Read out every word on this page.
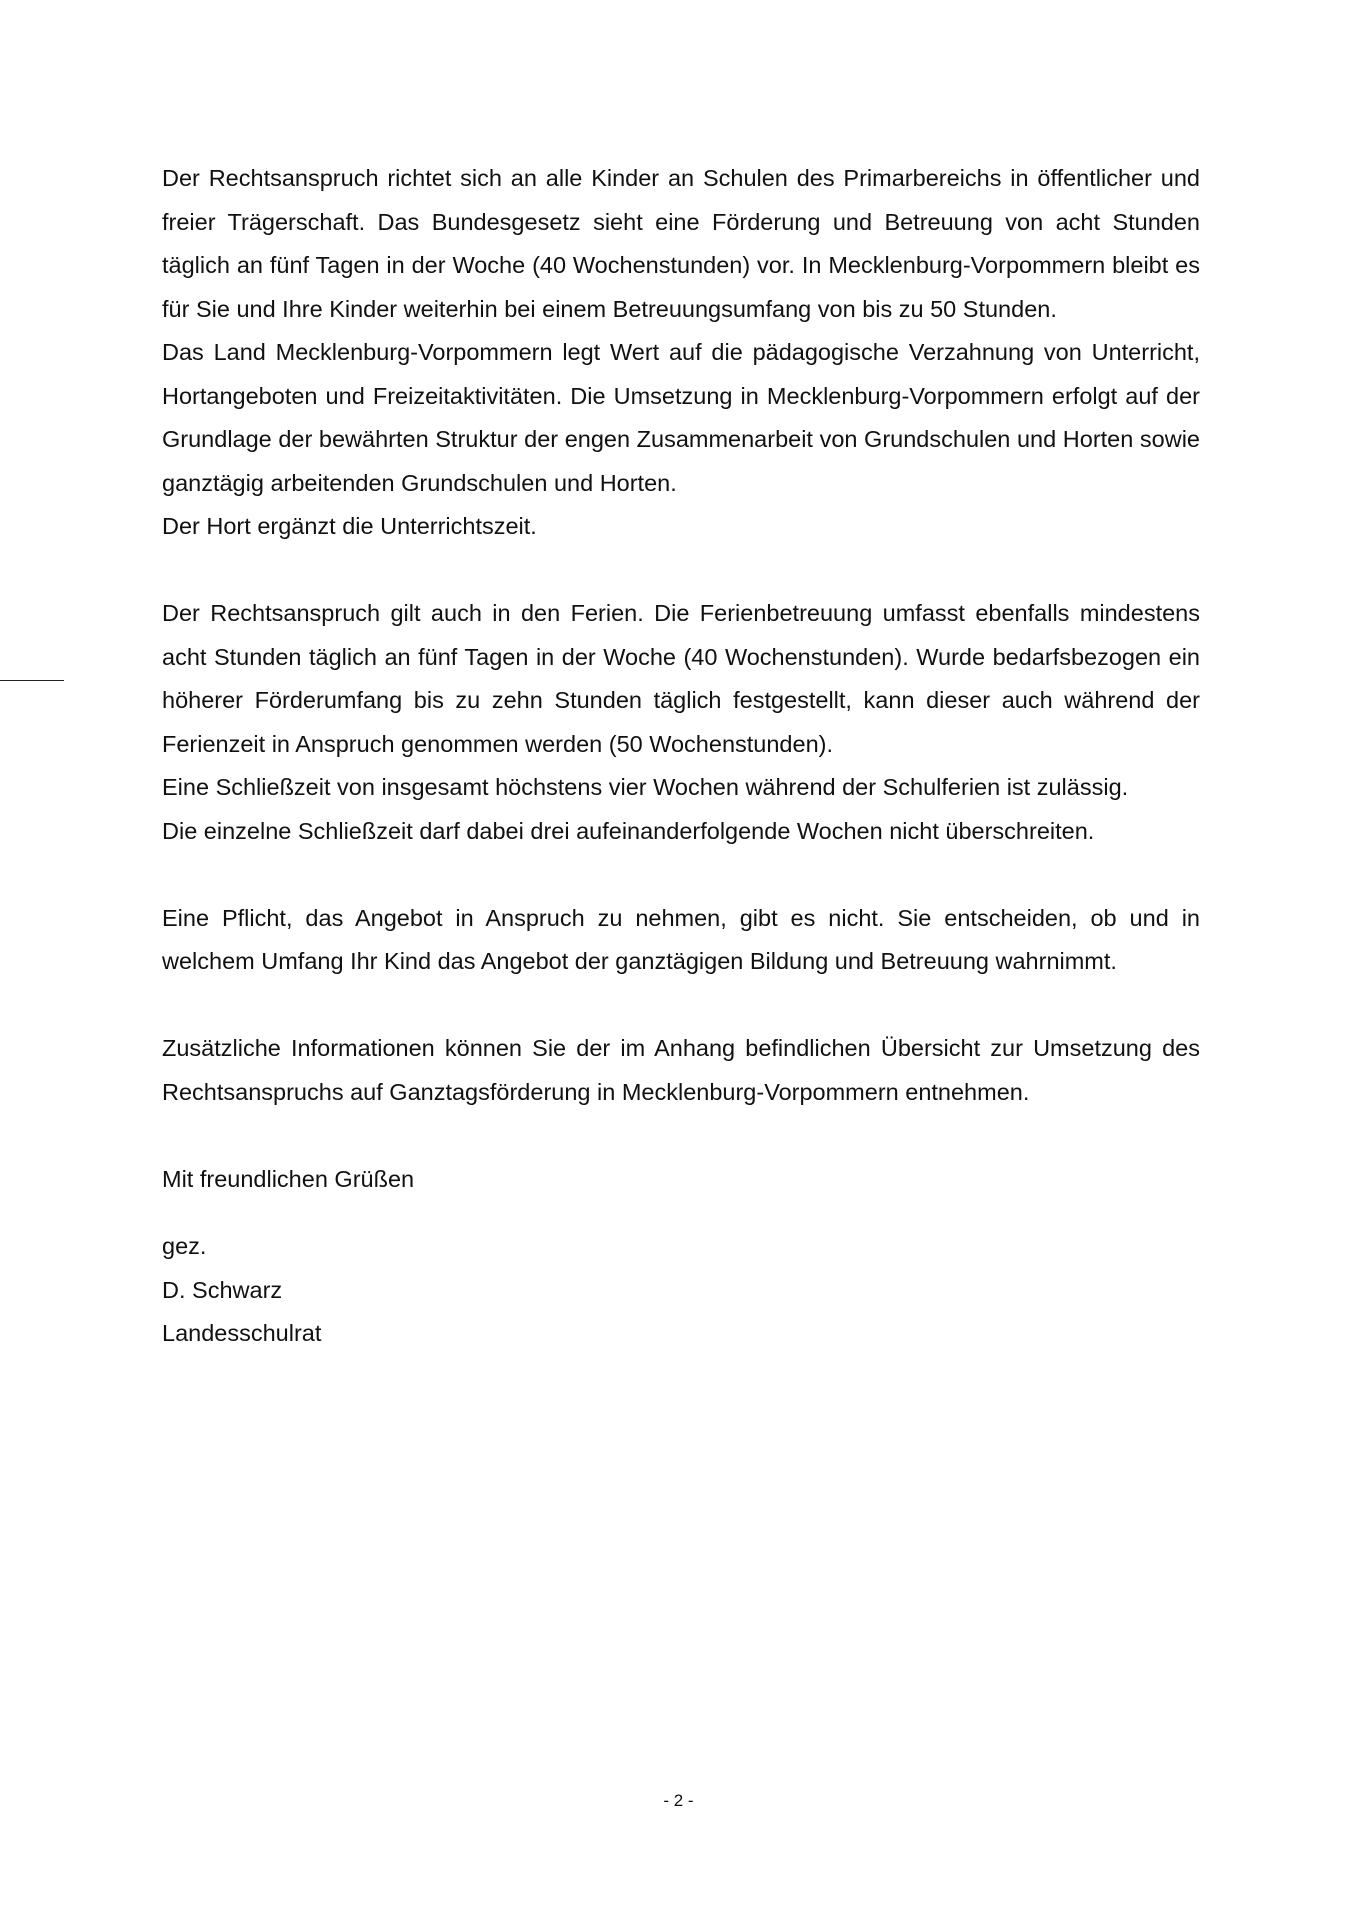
Der Rechtsanspruch richtet sich an alle Kinder an Schulen des Primarbereichs in öffentlicher und freier Trägerschaft. Das Bundesgesetz sieht eine Förderung und Betreuung von acht Stunden täglich an fünf Tagen in der Woche (40 Wochenstunden) vor. In Mecklenburg-Vorpommern bleibt es für Sie und Ihre Kinder weiterhin bei einem Betreuungsumfang von bis zu 50 Stunden.

Das Land Mecklenburg-Vorpommern legt Wert auf die pädagogische Verzahnung von Unterricht, Hortangeboten und Freizeitaktivitäten. Die Umsetzung in Mecklenburg-Vorpommern erfolgt auf der Grundlage der bewährten Struktur der engen Zusammenarbeit von Grundschulen und Horten sowie ganztägig arbeitenden Grundschulen und Horten.

Der Hort ergänzt die Unterrichtszeit.

Der Rechtsanspruch gilt auch in den Ferien. Die Ferienbetreuung umfasst ebenfalls mindestens acht Stunden täglich an fünf Tagen in der Woche (40 Wochenstunden). Wurde bedarfsbezogen ein höherer Förderumfang bis zu zehn Stunden täglich festgestellt, kann dieser auch während der Ferienzeit in Anspruch genommen werden (50 Wochenstunden).

Eine Schließzeit von insgesamt höchstens vier Wochen während der Schulferien ist zulässig.

Die einzelne Schließzeit darf dabei drei aufeinanderfolgende Wochen nicht überschreiten.

Eine Pflicht, das Angebot in Anspruch zu nehmen, gibt es nicht. Sie entscheiden, ob und in welchem Umfang Ihr Kind das Angebot der ganztägigen Bildung und Betreuung wahrnimmt.

Zusätzliche Informationen können Sie der im Anhang befindlichen Übersicht zur Umsetzung des Rechtsanspruchs auf Ganztagsförderung in Mecklenburg-Vorpommern entnehmen.

Mit freundlichen Grüßen

gez.

D. Schwarz

Landesschulrat

- 2 -
